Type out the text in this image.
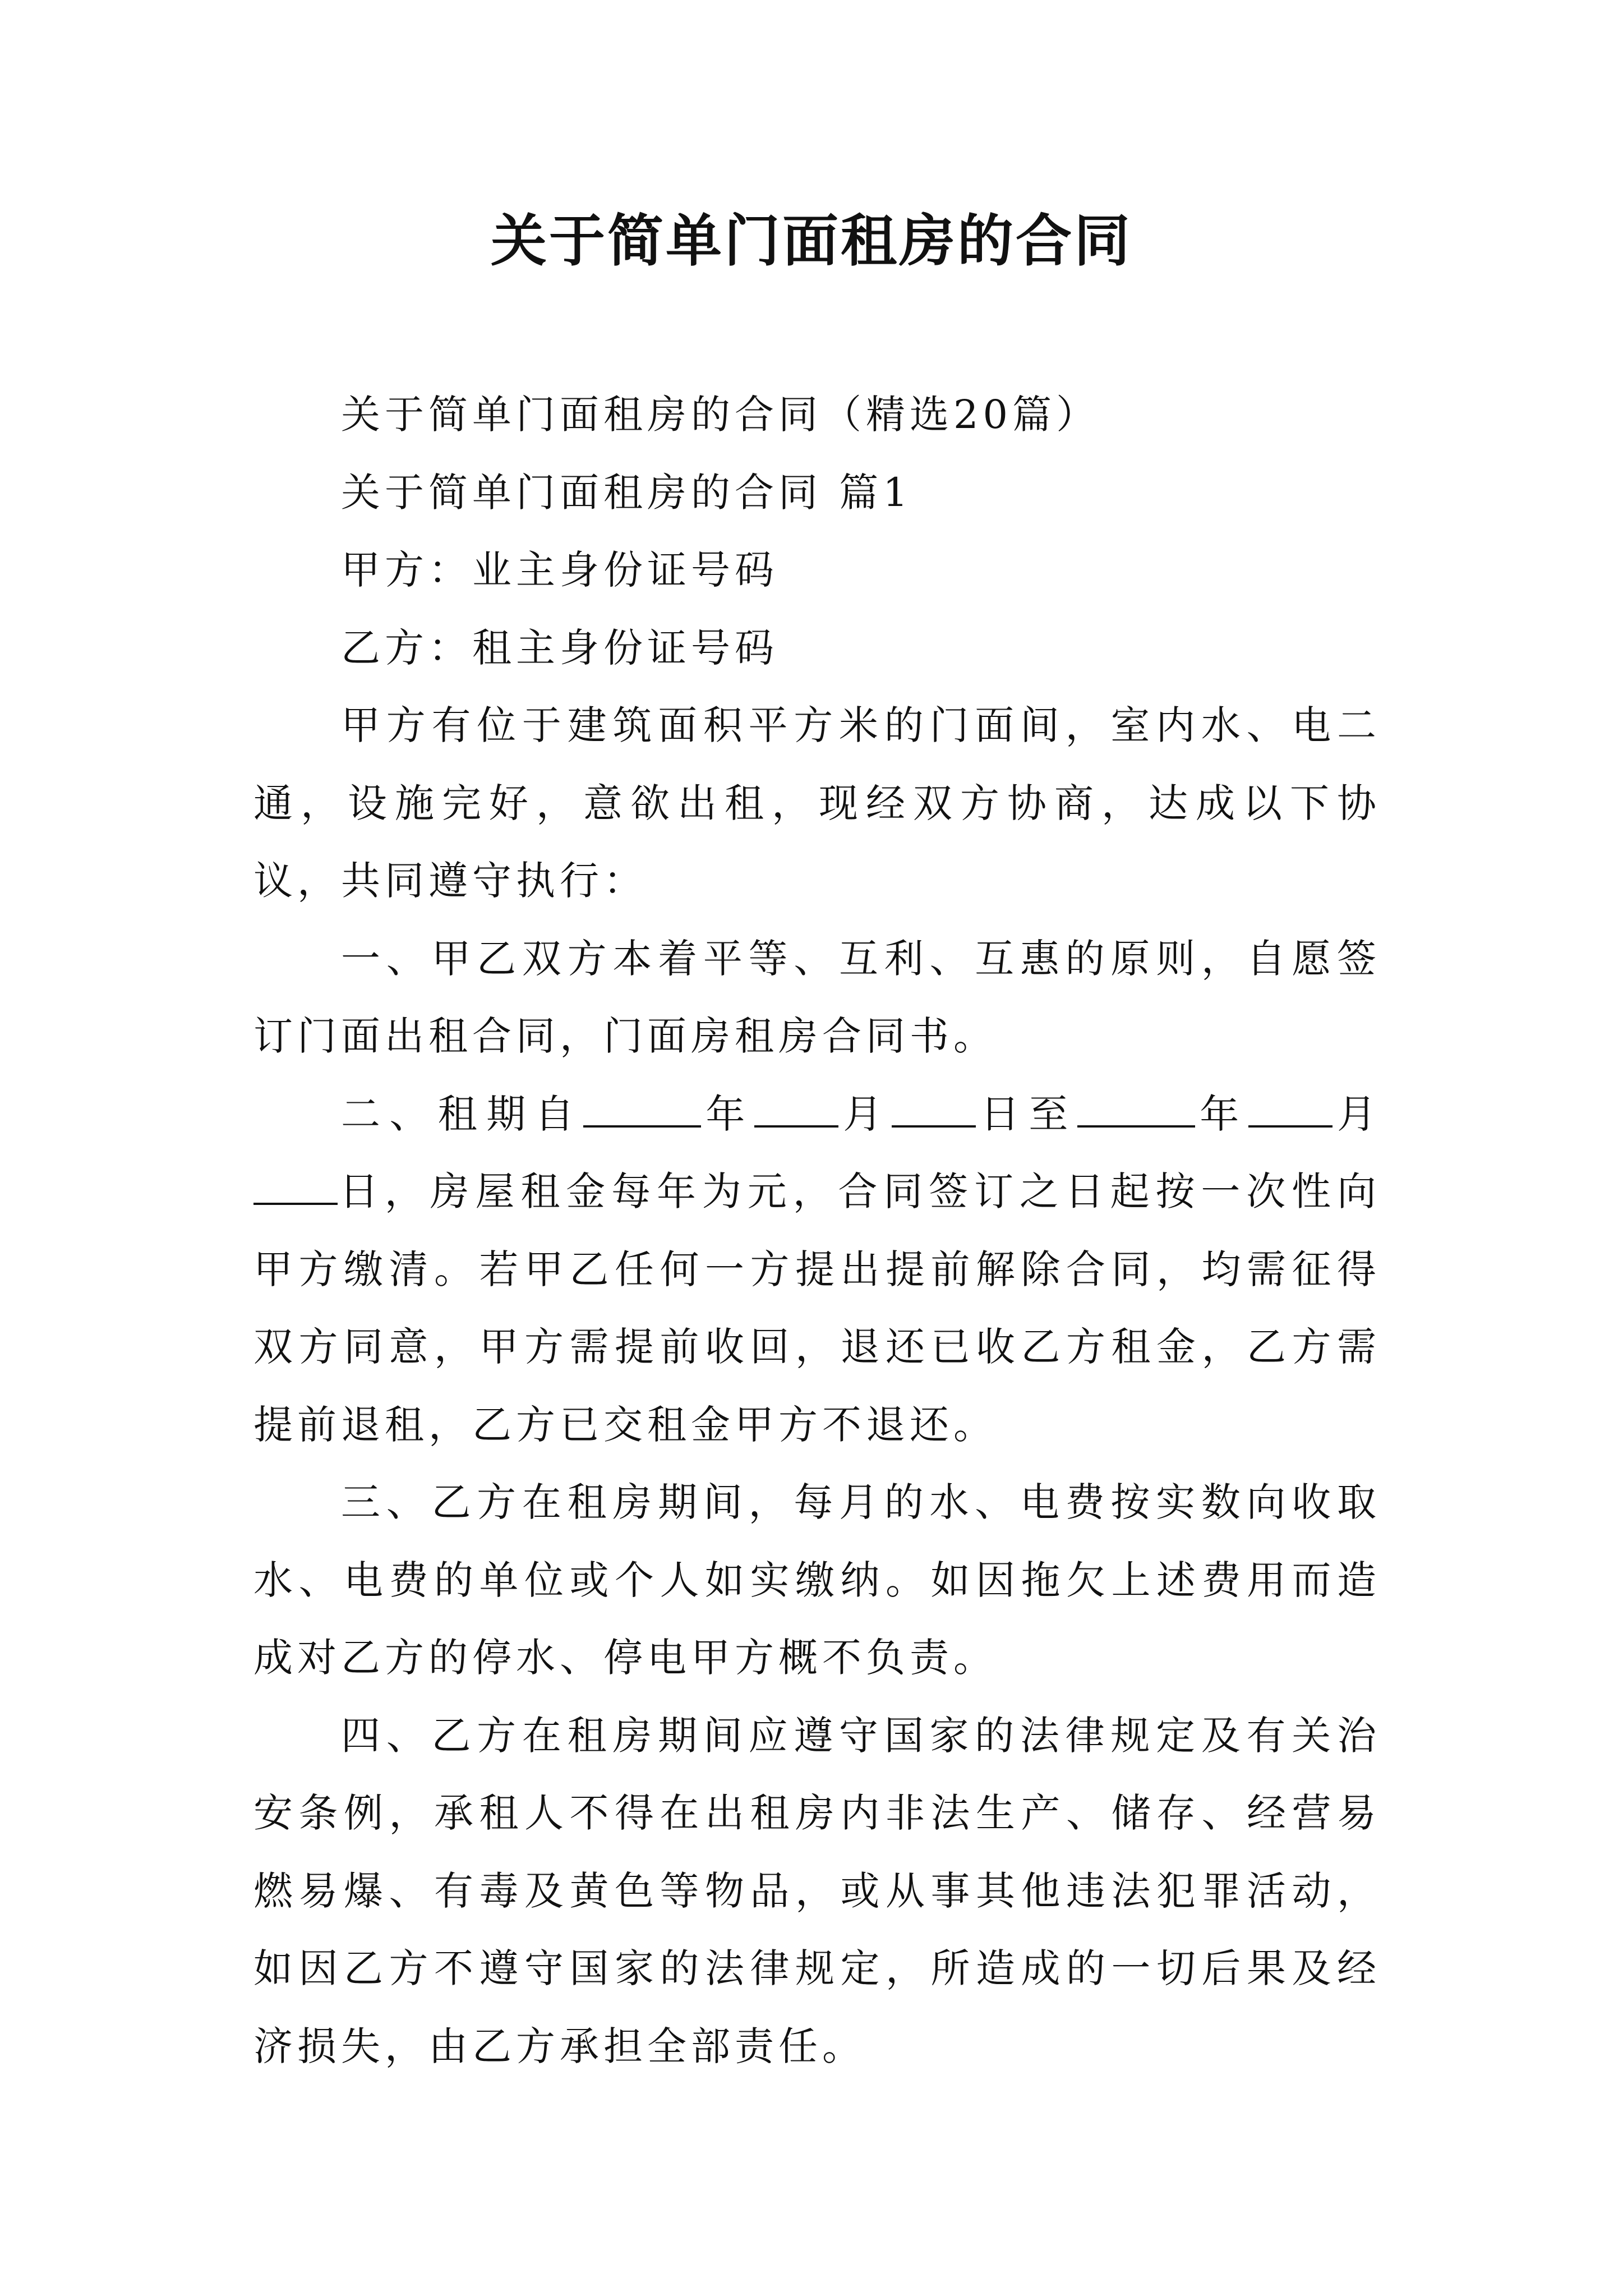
关于简单门面租房的合同

关于简单门面租房的合同（精选20篇）

关于简单门面租房的合同 篇1

甲方：业主身份证号码

乙方：租主身份证号码

甲方有位于建筑面积平方米的门面间，室内水、电二通，设施完好，意欲出租，现经双方协商，达成以下协议，共同遵守执行：

一、甲乙双方本着平等、互利、互惠的原则，自愿签订门面出租合同，门面房租房合同书。

二、租期自	年 月 日至	年 月日，房屋租金每年为元，合同签订之日起按一次性向甲方缴清。若甲乙任何一方提出提前解除合同，均需征得双方同意，甲方需提前收回，退还已收乙方租金，乙方需提前退租，乙方已交租金甲方不退还。

三、乙方在租房期间，每月的水、电费按实数向收取水、电费的单位或个人如实缴纳。如因拖欠上述费用而造成对乙方的停水、停电甲方概不负责。

四、乙方在租房期间应遵守国家的法律规定及有关治安条例，承租人不得在出租房内非法生产、储存、经营易燃易爆、有毒及黄色等物品，或从事其他违法犯罪活动，如因乙方不遵守国家的法律规定，所造成的一切后果及经济损失，由乙方承担全部责任。
